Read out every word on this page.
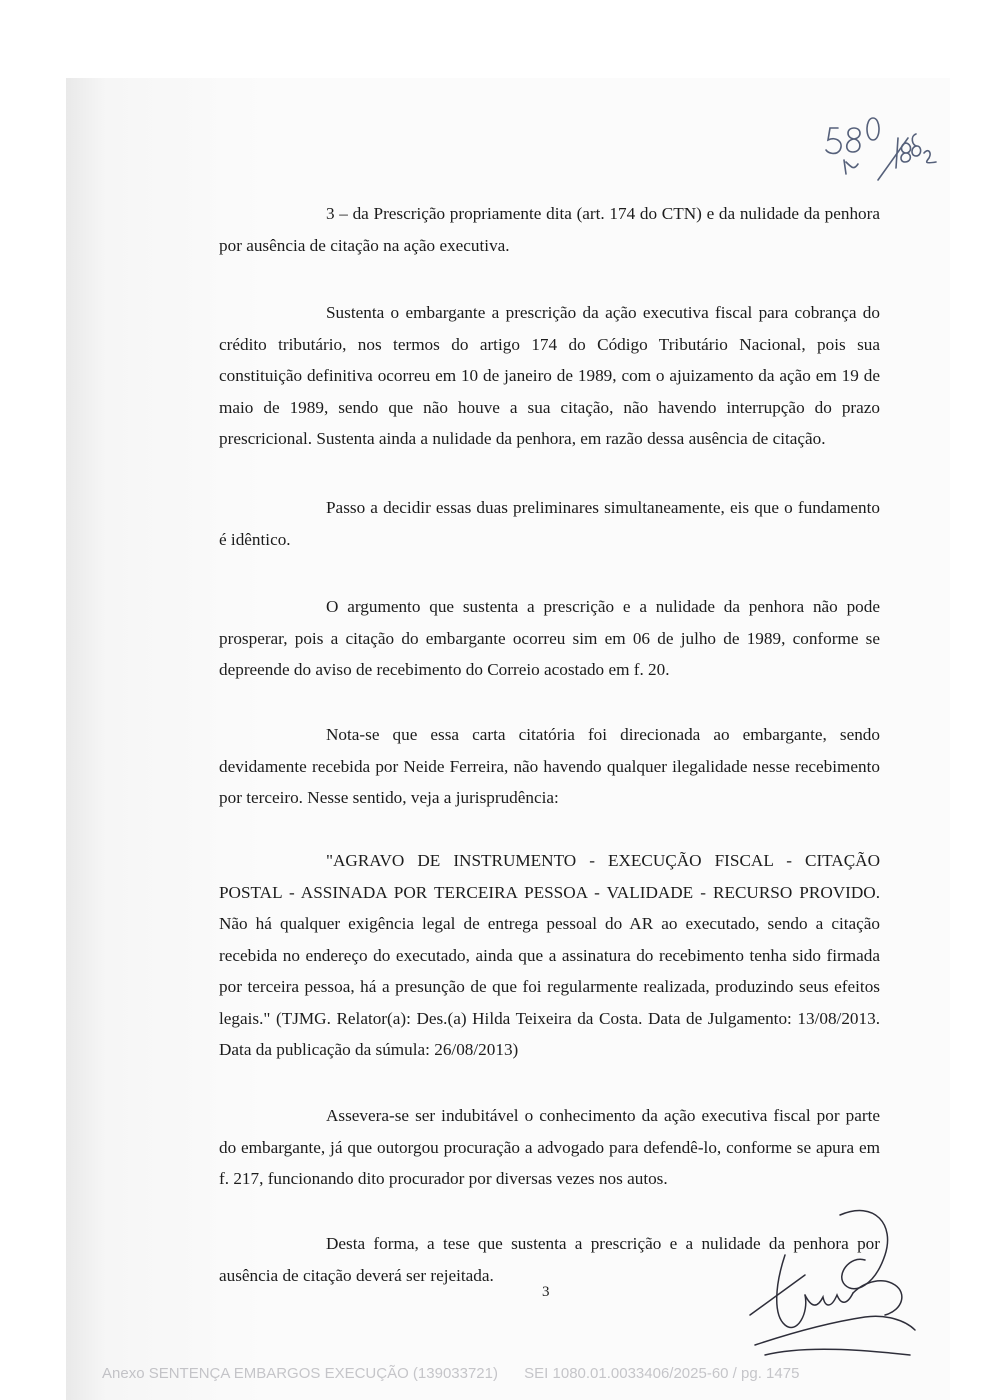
3 – da Prescrição propriamente dita (art. 174 do CTN) e da nulidade da penhora por ausência de citação na ação executiva.

Sustenta o embargante a prescrição da ação executiva fiscal para cobrança do crédito tributário, nos termos do artigo 174 do Código Tributário Nacional, pois sua constituição definitiva ocorreu em 10 de janeiro de 1989, com o ajuizamento da ação em 19 de maio de 1989, sendo que não houve a sua citação, não havendo interrupção do prazo prescricional. Sustenta ainda a nulidade da penhora, em razão dessa ausência de citação.

Passo a decidir essas duas preliminares simultaneamente, eis que o fundamento é idêntico.

O argumento que sustenta a prescrição e a nulidade da penhora não pode prosperar, pois a citação do embargante ocorreu sim em 06 de julho de 1989, conforme se depreende do aviso de recebimento do Correio acostado em f. 20.

Nota-se que essa carta citatória foi direcionada ao embargante, sendo devidamente recebida por Neide Ferreira, não havendo qualquer ilegalidade nesse recebimento por terceiro. Nesse sentido, veja a jurisprudência:

"AGRAVO DE INSTRUMENTO - EXECUÇÃO FISCAL - CITAÇÃO POSTAL - ASSINADA POR TERCEIRA PESSOA - VALIDADE - RECURSO PROVIDO. Não há qualquer exigência legal de entrega pessoal do AR ao executado, sendo a citação recebida no endereço do executado, ainda que a assinatura do recebimento tenha sido firmada por terceira pessoa, há a presunção de que foi regularmente realizada, produzindo seus efeitos legais." (TJMG. Relator(a): Des.(a) Hilda Teixeira da Costa. Data de Julgamento: 13/08/2013. Data da publicação da súmula: 26/08/2013)

Assevera-se ser indubitável o conhecimento da ação executiva fiscal por parte do embargante, já que outorgou procuração a advogado para defendê-lo, conforme se apura em f. 217, funcionando dito procurador por diversas vezes nos autos.

Desta forma, a tese que sustenta a prescrição e a nulidade da penhora por ausência de citação deverá ser rejeitada.

3
Anexo SENTENÇA EMBARGOS EXECUÇÃO (139033721) SEI 1080.01.0033406/2025-60 / pg. 1475
